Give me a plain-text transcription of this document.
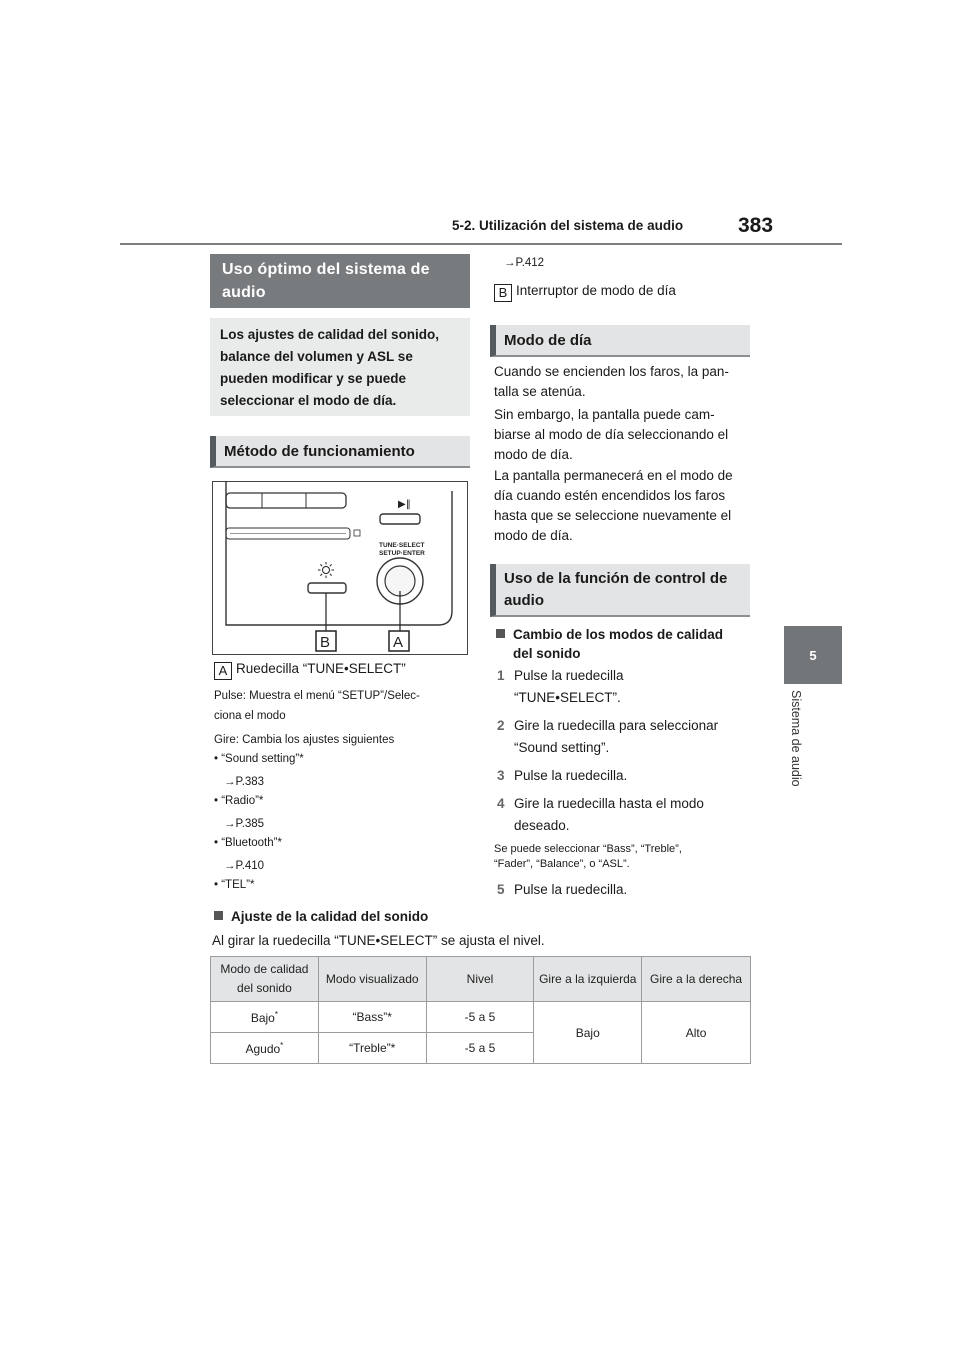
5-2. Utilización del sistema de audio	383
5
Sistema de audio
Uso óptimo del sistema de audio
Los ajustes de calidad del sonido, balance del volumen y ASL se pueden modificar y se puede seleccionar el modo de día.
Método de funcionamiento
▶‖
TUNE·SELECT
SETUP·ENTER
B	A
A Ruedecilla “TUNE•SELECT”
Pulse: Muestra el menú “SETUP”/Selec-
ciona el modo
Gire: Cambia los ajustes siguientes
• “Sound setting”*
→P.383
• “Radio”*
→P.385
• “Bluetooth”*
→P.410
• “TEL”*
→P.412
B Interruptor de modo de día
Modo de día
Cuando se encienden los faros, la pan-
talla se atenúa.
Sin embargo, la pantalla puede cam-
biarse al modo de día seleccionando el
modo de día.
La pantalla permanecerá en el modo de
día cuando estén encendidos los faros
hasta que se seleccione nuevamente el
modo de día.
Uso de la función de control de
audio
Cambio de los modos de calidad
del sonido
1 Pulse la ruedecilla
“TUNE•SELECT”.
2 Gire la ruedecilla para seleccionar
“Sound setting”.
3 Pulse la ruedecilla.
4 Gire la ruedecilla hasta el modo
deseado.
Se puede seleccionar “Bass”, “Treble”,
“Fader”, “Balance”, o “ASL”.
5 Pulse la ruedecilla.
Ajuste de la calidad del sonido
Al girar la ruedecilla “TUNE•SELECT” se ajusta el nivel.
Modo de calidad del sonido	Modo visualizado	Nivel	Gire a la izquierda	Gire a la derecha
Bajo*	“Bass”*	-5 a 5	Bajo	Alto
Agudo*	“Treble”*	-5 a 5		
